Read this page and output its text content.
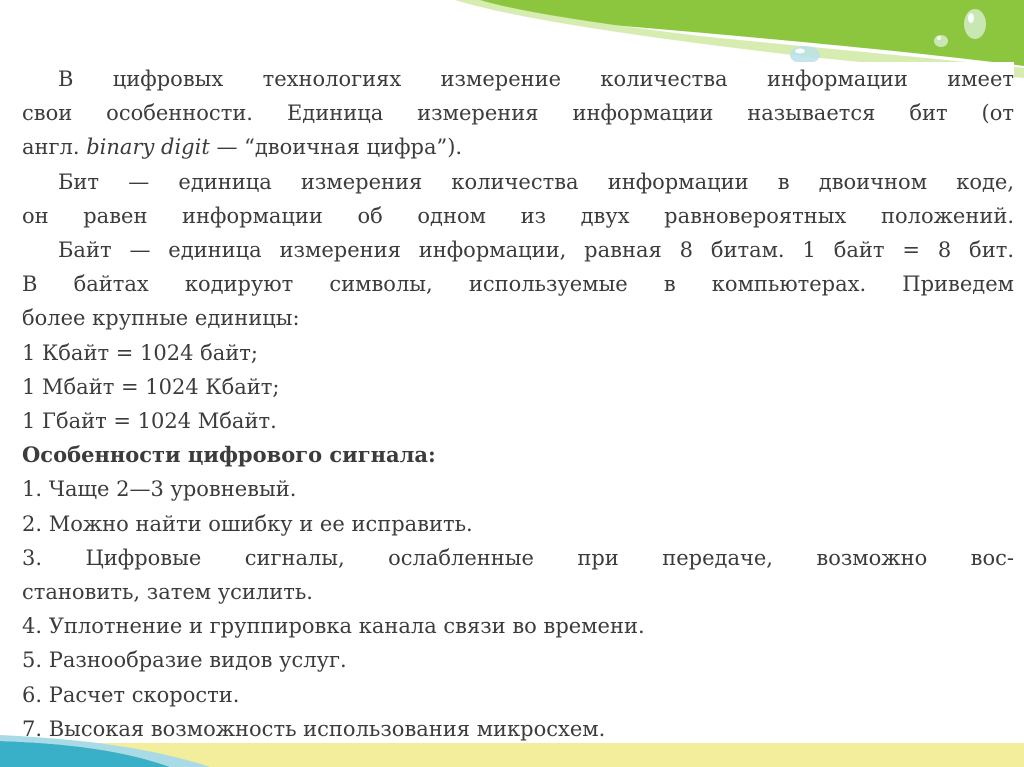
В цифровых технологиях измерение количества информации имеет

свои особенности. Единица измерения информации называется бит (от

англ. binary digit — “двоичная цифра”).

Бит — единица измерения количества информации в двоичном коде,

он равен информации об одном из двух равновероятных положений.

Байт — единица измерения информации, равная 8 битам. 1 байт = 8 бит.

В байтах кодируют символы, используемые в компьютерах. Приведем

более крупные единицы:

1 Кбайт = 1024 байт;

1 Мбайт = 1024 Кбайт;

1 Гбайт = 1024 Мбайт.

Особенности цифрового сигнала:

1. Чаще 2—3 уровневый.

2. Можно найти ошибку и ее исправить.

3. Цифровые сигналы, ослабленные при передаче, возможно вос-

становить, затем усилить.

4. Уплотнение и группировка канала связи во времени.

5. Разнообразие видов услуг.

6. Расчет скорости.

7. Высокая возможность использования микросхем.
